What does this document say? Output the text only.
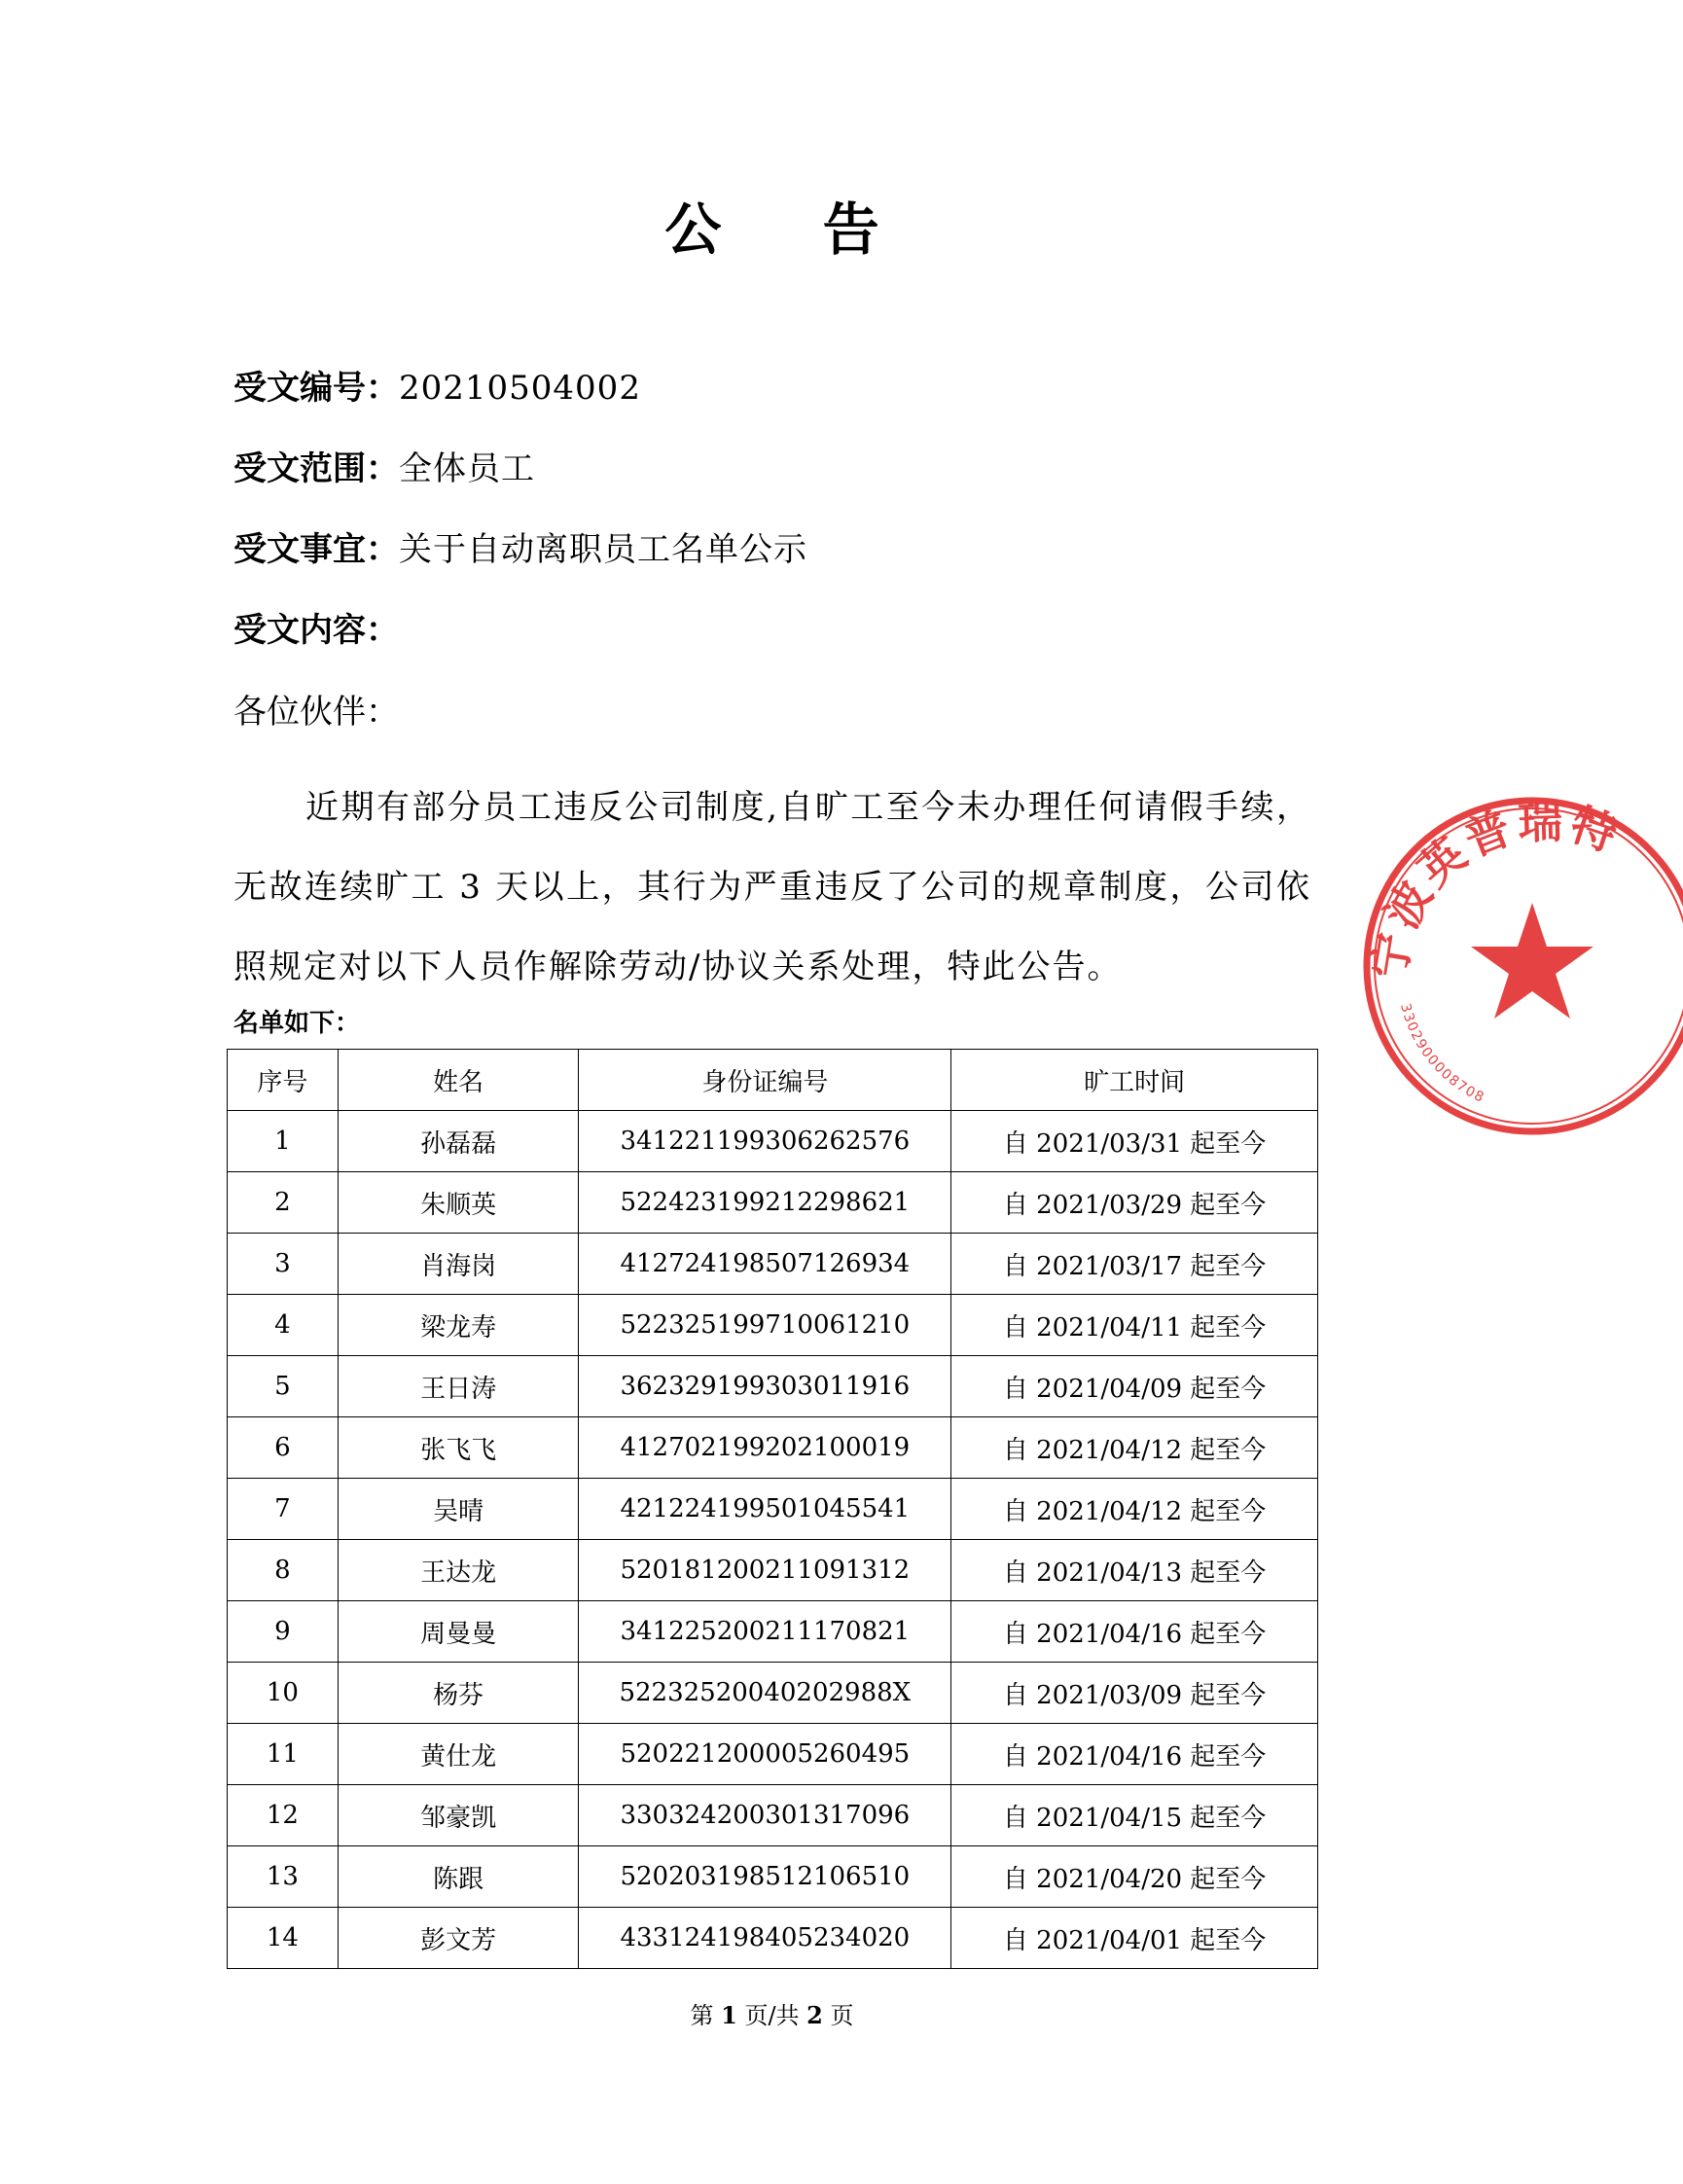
公 告
受文编号：20210504002
受文范围：全体员工
受文事宜：关于自动离职员工名单公示
受文内容：
各位伙伴：
近期有部分员工违反公司制度,自旷工至今未办理任何请假手续，无故连续旷工 3 天以上，其行为严重违反了公司的规章制度，公司依照规定对以下人员作解除劳动/协议关系处理，特此公告。
名单如下：
序号	姓名	身份证编号	旷工时间
1	孙磊磊	341221199306262576	自 2021/03/31 起至今
2	朱顺英	522423199212298621	自 2021/03/29 起至今
3	肖海岗	412724198507126934	自 2021/03/17 起至今
4	梁龙寿	522325199710061210	自 2021/04/11 起至今
5	王日涛	362329199303011916	自 2021/04/09 起至今
6	张飞飞	412702199202100019	自 2021/04/12 起至今
7	吴晴	421224199501045541	自 2021/04/12 起至今
8	王达龙	520181200211091312	自 2021/04/13 起至今
9	周曼曼	341225200211170821	自 2021/04/16 起至今
10	杨芬	52232520040202988X	自 2021/03/09 起至今
11	黄仕龙	520221200005260495	自 2021/04/16 起至今
12	邹豪凯	330324200301317096	自 2021/04/15 起至今
13	陈跟	520203198512106510	自 2021/04/20 起至今
14	彭文芳	433124198405234020	自 2021/04/01 起至今
第 1 页/共 2 页
宁波英普瑞特
3302900008708
